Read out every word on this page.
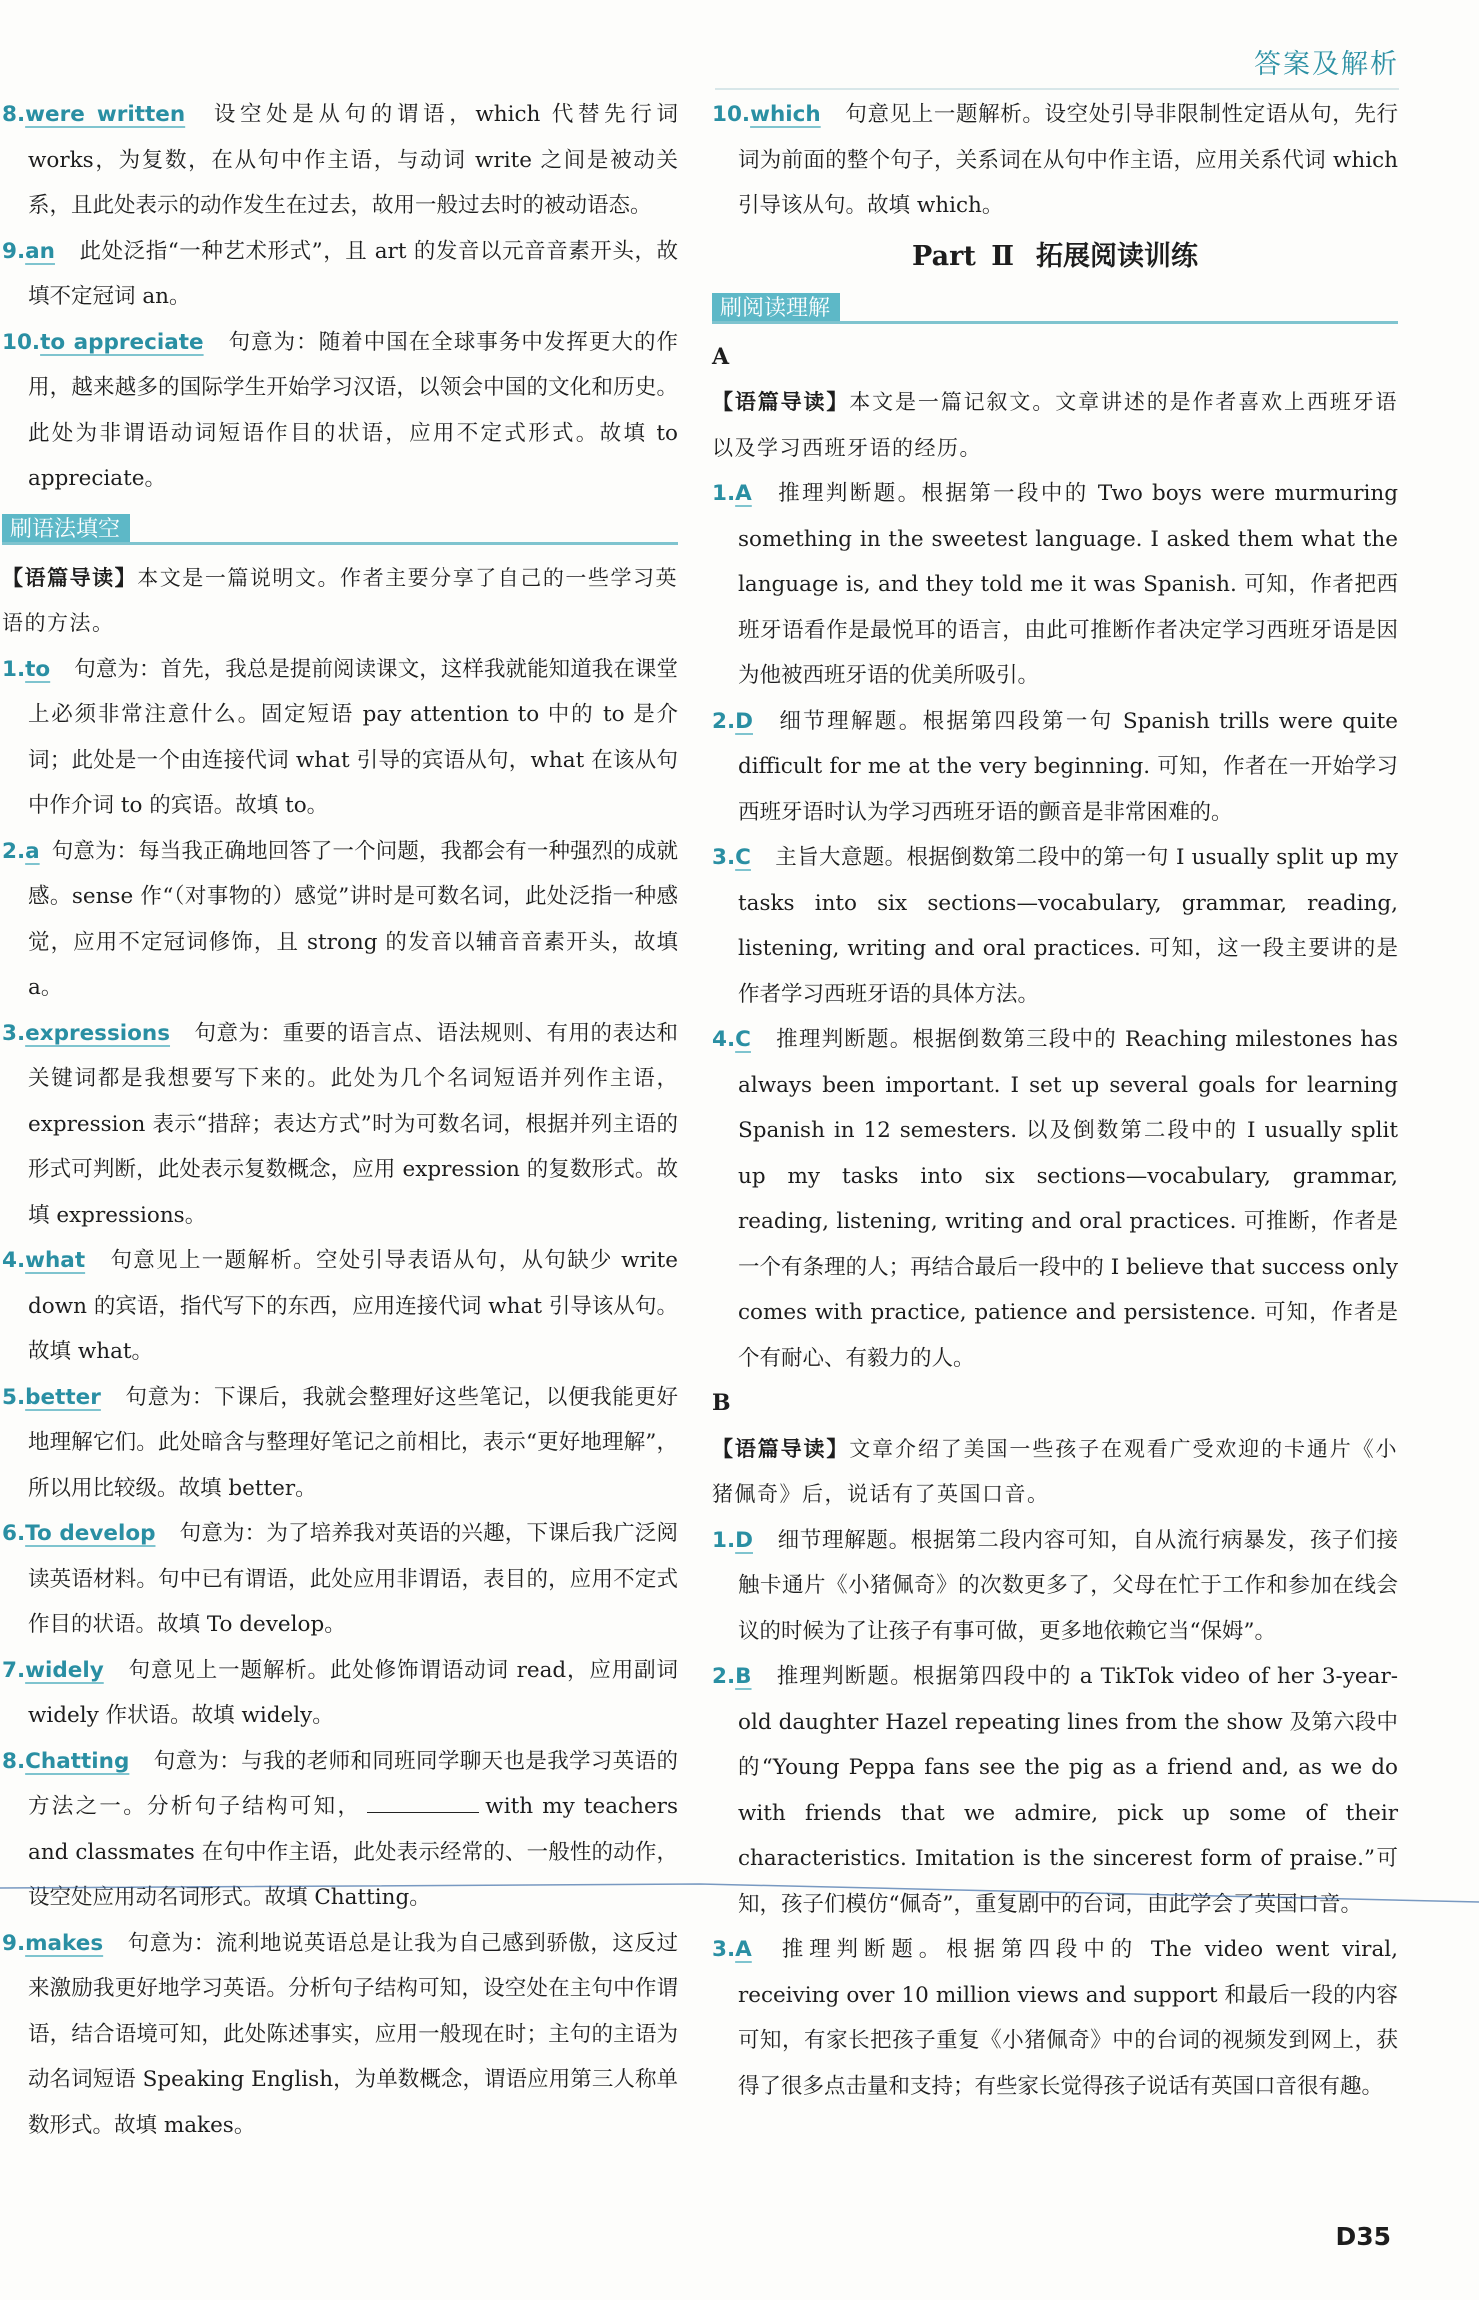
答案及解析

8.were written 设空处是从句的谓语，which 代替先行词 works，为复数，在从句中作主语，与动词 write 之间是被动关系，且此处表示的动作发生在过去，故用一般过去时的被动语态。

9.an 此处泛指“一种艺术形式”，且 art 的发音以元音音素开头，故填不定冠词 an。

10.to appreciate 句意为：随着中国在全球事务中发挥更大的作用，越来越多的国际学生开始学习汉语，以领会中国的文化和历史。此处为非谓语动词短语作目的状语，应用不定式形式。故填 to appreciate。

刷语法填空

【语篇导读】本文是一篇说明文。作者主要分享了自己的一些学习英语的方法。

1.to 句意为：首先，我总是提前阅读课文，这样我就能知道我在课堂上必须非常注意什么。固定短语 pay attention to 中的 to 是介词；此处是一个由连接代词 what 引导的宾语从句，what 在该从句中作介词 to 的宾语。故填 to。

2.a 句意为：每当我正确地回答了一个问题，我都会有一种强烈的成就感。sense 作“（对事物的）感觉”讲时是可数名词，此处泛指一种感觉，应用不定冠词修饰，且 strong 的发音以辅音音素开头，故填 a。

3.expressions 句意为：重要的语言点、语法规则、有用的表达和关键词都是我想要写下来的。此处为几个名词短语并列作主语，expression 表示“措辞；表达方式”时为可数名词，根据并列主语的形式可判断，此处表示复数概念，应用 expression 的复数形式。故填 expressions。

4.what 句意见上一题解析。空处引导表语从句，从句缺少 write down 的宾语，指代写下的东西，应用连接代词 what 引导该从句。故填 what。

5.better 句意为：下课后，我就会整理好这些笔记，以便我能更好地理解它们。此处暗含与整理好笔记之前相比，表示“更好地理解”，所以用比较级。故填 better。

6.To develop 句意为：为了培养我对英语的兴趣，下课后我广泛阅读英语材料。句中已有谓语，此处应用非谓语，表目的，应用不定式作目的状语。故填 To develop。

7.widely 句意见上一题解析。此处修饰谓语动词 read，应用副词 widely 作状语。故填 widely。

8.Chatting 句意为：与我的老师和同班同学聊天也是我学习英语的方法之一。分析句子结构可知，	with my teachers and classmates 在句中作主语，此处表示经常的、一般性的动作，设空处应用动名词形式。故填 Chatting。

9.makes 句意为：流利地说英语总是让我为自己感到骄傲，这反过来激励我更好地学习英语。分析句子结构可知，设空处在主句中作谓语，结合语境可知，此处陈述事实，应用一般现在时；主句的主语为动名词短语 Speaking English，为单数概念，谓语应用第三人称单数形式。故填 makes。

10.which 句意见上一题解析。设空处引导非限制性定语从句，先行词为前面的整个句子，关系词在从句中作主语，应用关系代词 which 引导该从句。故填 which。

Part Ⅱ 拓展阅读训练
刷阅读理解

A

【语篇导读】本文是一篇记叙文。文章讲述的是作者喜欢上西班牙语以及学习西班牙语的经历。

1.A 推理判断题。根据第一段中的 Two boys were murmuring something in the sweetest language. I asked them what the language is, and they told me it was Spanish. 可知，作者把西班牙语看作是最悦耳的语言，由此可推断作者决定学习西班牙语是因为他被西班牙语的优美所吸引。

2.D 细节理解题。根据第四段第一句 Spanish trills were quite difficult for me at the very beginning. 可知，作者在一开始学习西班牙语时认为学习西班牙语的颤音是非常困难的。

3.C 主旨大意题。根据倒数第二段中的第一句 I usually split up my tasks into six sections—vocabulary, grammar, reading, listening, writing and oral practices. 可知，这一段主要讲的是作者学习西班牙语的具体方法。

4.C 推理判断题。根据倒数第三段中的 Reaching milestones has always been important. I set up several goals for learning Spanish in 12 semesters. 以及倒数第二段中的 I usually split up my tasks into six sections—vocabulary, grammar, reading, listening, writing and oral practices. 可推断，作者是一个有条理的人；再结合最后一段中的 I believe that success only comes with practice, patience and persistence. 可知，作者是个有耐心、有毅力的人。

B

【语篇导读】文章介绍了美国一些孩子在观看广受欢迎的卡通片《小猪佩奇》后，说话有了英国口音。

1.D 细节理解题。根据第二段内容可知，自从流行病暴发，孩子们接触卡通片《小猪佩奇》的次数更多了，父母在忙于工作和参加在线会议的时候为了让孩子有事可做，更多地依赖它当“保姆”。

2.B 推理判断题。根据第四段中的 a TikTok video of her 3-year-old daughter Hazel repeating lines from the show 及第六段中的“Young Peppa fans see the pig as a friend and, as we do with friends that we admire, pick up some of their characteristics. Imitation is the sincerest form of praise.”可知，孩子们模仿“佩奇”，重复剧中的台词，由此学会了英国口音。

3.A 推理判断题。根据第四段中的 The video went viral, receiving over 10 million views and support 和最后一段的内容可知，有家长把孩子重复《小猪佩奇》中的台词的视频发到网上，获得了很多点击量和支持；有些家长觉得孩子说话有英国口音很有趣。

D35
